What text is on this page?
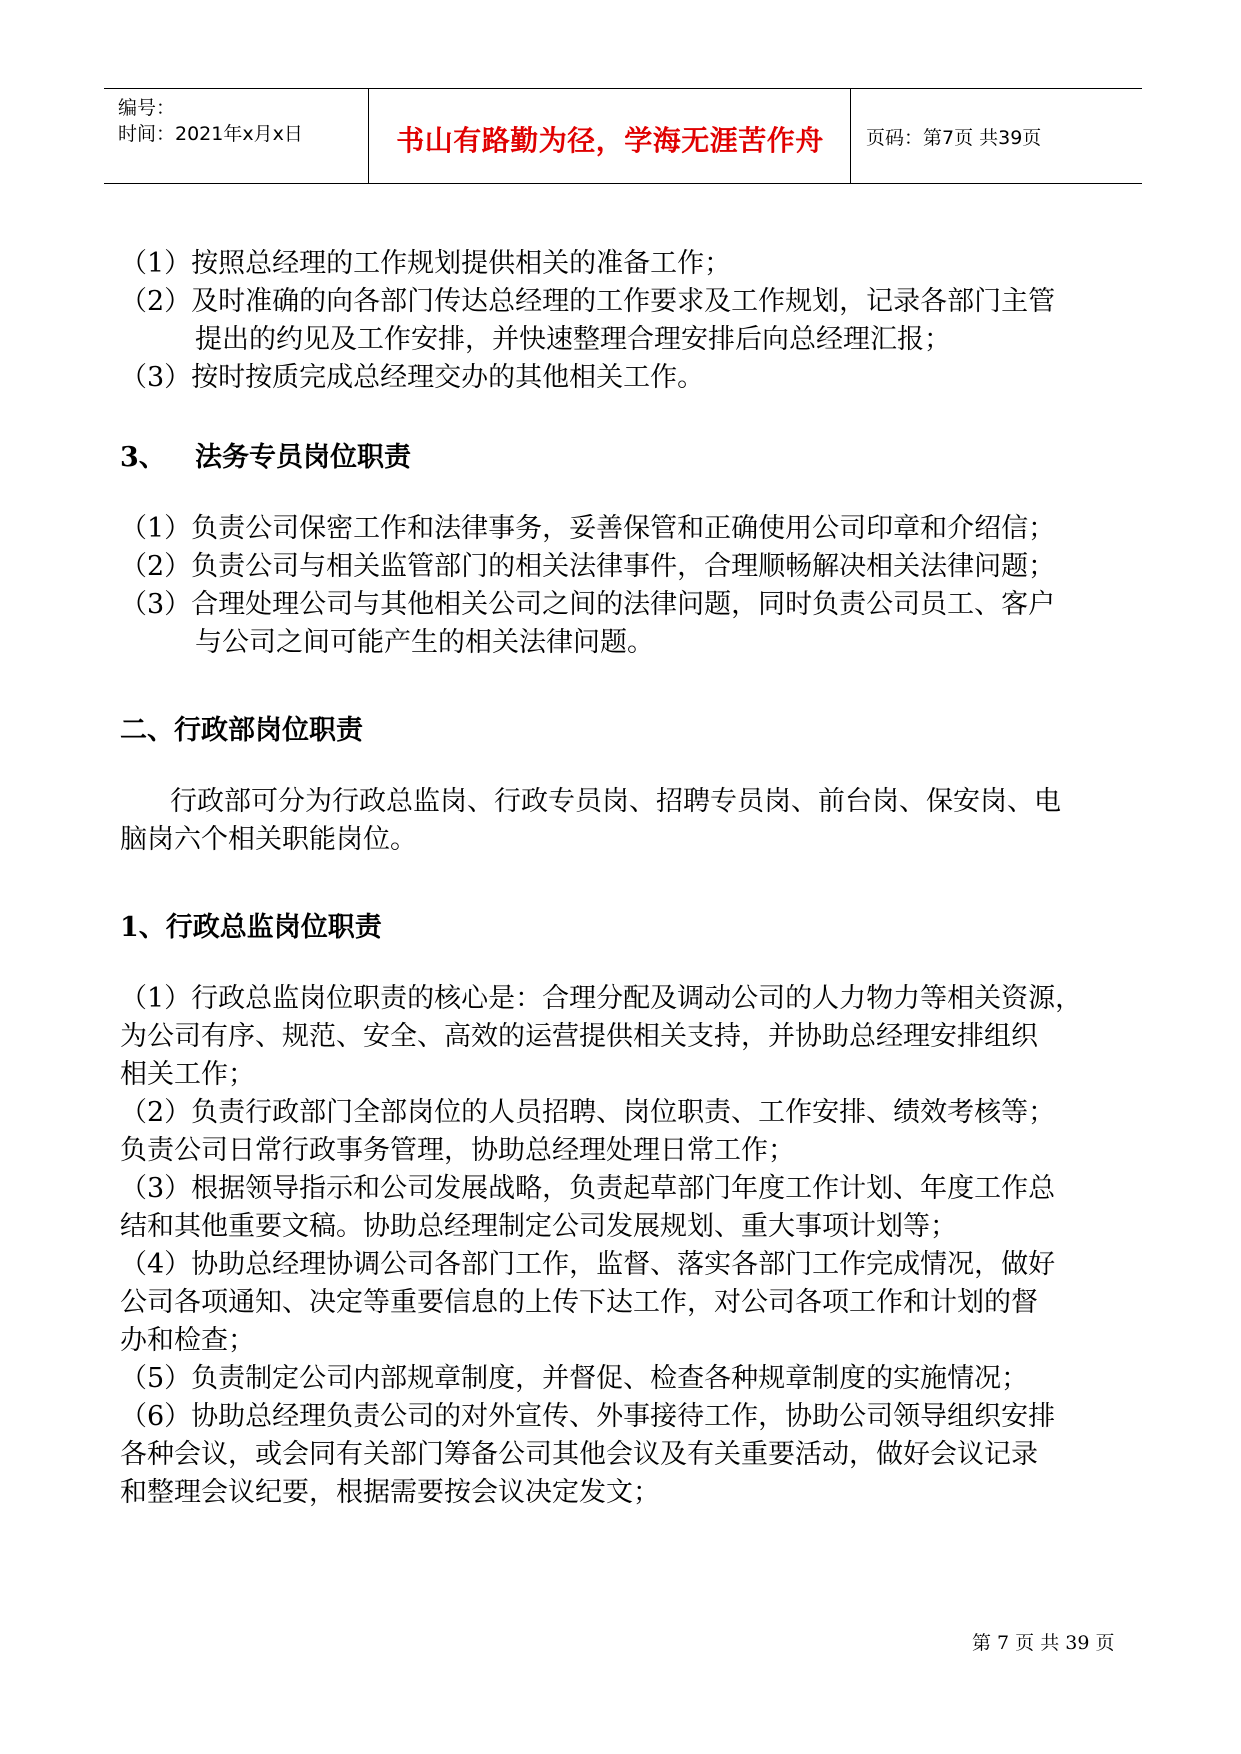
编号：
时间：2021年x月x日	书山有路勤为径，学海无涯苦作舟	页码：第7页 共39页

（1）按照总经理的工作规划提供相关的准备工作；

（2）及时准确的向各部门传达总经理的工作要求及工作规划，记录各部门主管

提出的约见及工作安排，并快速整理合理安排后向总经理汇报；

（3）按时按质完成总经理交办的其他相关工作。

3、 法务专员岗位职责

（1）负责公司保密工作和法律事务，妥善保管和正确使用公司印章和介绍信；

（2）负责公司与相关监管部门的相关法律事件，合理顺畅解决相关法律问题；

（3）合理处理公司与其他相关公司之间的法律问题，同时负责公司员工、客户

与公司之间可能产生的相关法律问题。

二、行政部岗位职责

行政部可分为行政总监岗、行政专员岗、招聘专员岗、前台岗、保安岗、电

脑岗六个相关职能岗位。

1、行政总监岗位职责

（1）行政总监岗位职责的核心是：合理分配及调动公司的人力物力等相关资源，

为公司有序、规范、安全、高效的运营提供相关支持，并协助总经理安排组织

相关工作；

（2）负责行政部门全部岗位的人员招聘、岗位职责、工作安排、绩效考核等；

负责公司日常行政事务管理，协助总经理处理日常工作；

（3）根据领导指示和公司发展战略，负责起草部门年度工作计划、年度工作总

结和其他重要文稿。协助总经理制定公司发展规划、重大事项计划等；

（4）协助总经理协调公司各部门工作，监督、落实各部门工作完成情况，做好

公司各项通知、决定等重要信息的上传下达工作，对公司各项工作和计划的督

办和检查；

（5）负责制定公司内部规章制度，并督促、检查各种规章制度的实施情况；

（6）协助总经理负责公司的对外宣传、外事接待工作，协助公司领导组织安排

各种会议，或会同有关部门筹备公司其他会议及有关重要活动，做好会议记录

和整理会议纪要，根据需要按会议决定发文；

第 7 页 共 39 页
